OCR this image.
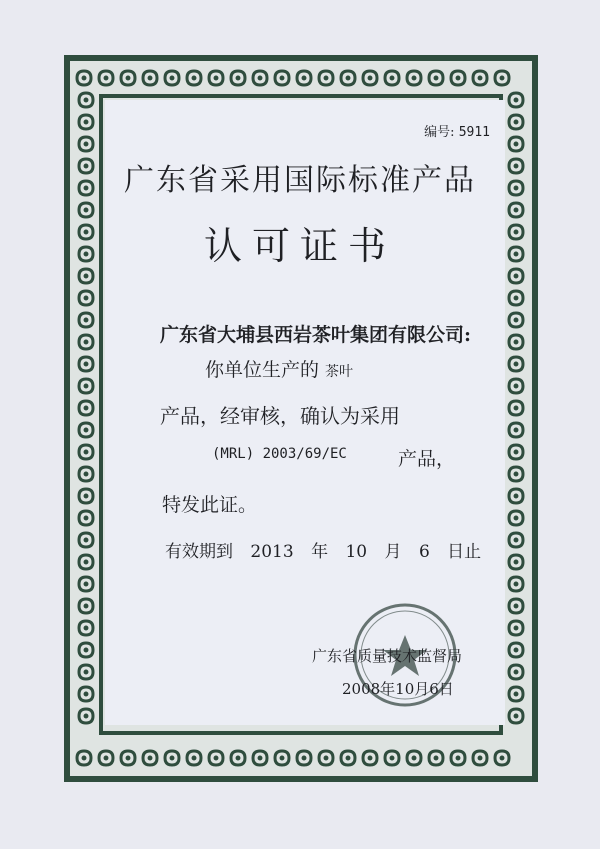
编号: 5911
广东省采用国际标准产品
认可证书
广东省大埔县西岩茶叶集团有限公司:
你单位生产的 茶叶
产品，经审核，确认为采用
(MRL) 2003/69/EC	产品，
特发此证。
有效期到 2013 年 10 月 6 日止
广东省质量技术监督局
2008年10月6日
